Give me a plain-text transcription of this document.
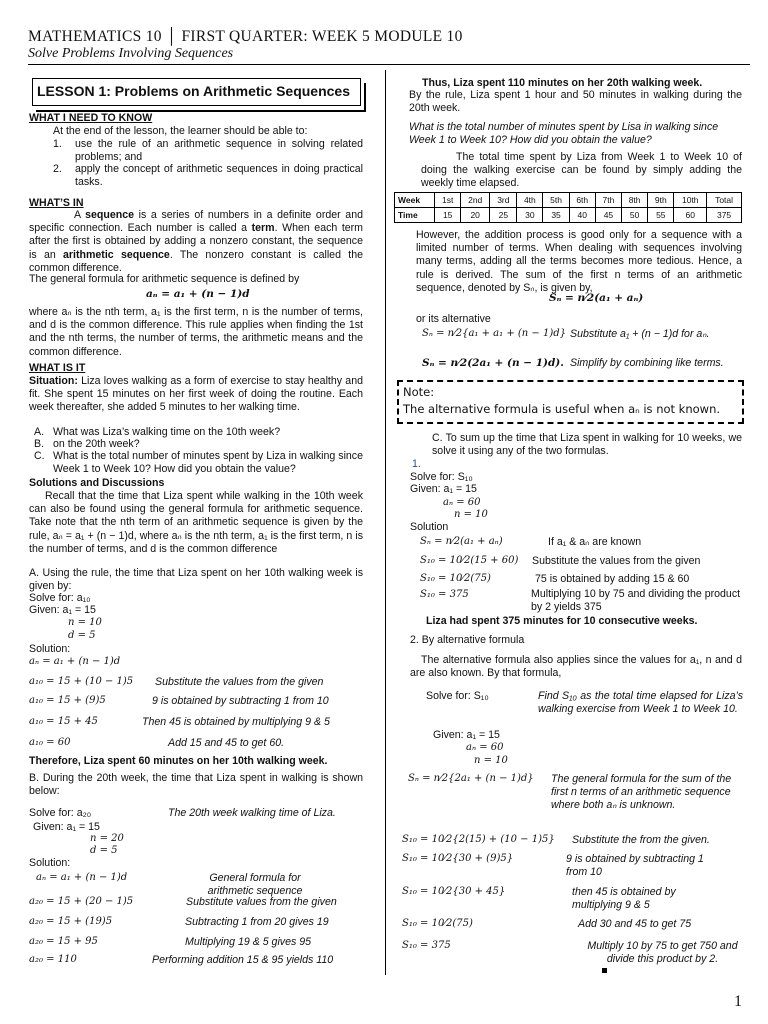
MATHEMATICS 10 │ FIRST QUARTER: WEEK 5 MODULE 10
Solve Problems Involving Sequences
LESSON 1: Problems on Arithmetic Sequences
WHAT I NEED TO KNOW
At the end of the lesson, the learner should be able to:
1. use the rule of an arithmetic sequence in solving related problems; and
2. apply the concept of arithmetic sequences in doing practical tasks.
WHAT’S IN
A sequence is a series of numbers in a definite order and specific connection. Each number is called a term. When each term after the first is obtained by adding a nonzero constant, the sequence is an arithmetic sequence. The nonzero constant is called the common difference.
The general formula for arithmetic sequence is defined by
aₙ = a₁ + (n − 1)d
where aₙ is the nth term, a₁ is the first term, n is the number of terms, and d is the common difference. This rule applies when finding the 1st and the nth terms, the number of terms, the arithmetic means and the common difference.
WHAT IS IT
Situation: Liza loves walking as a form of exercise to stay healthy and fit. She spent 15 minutes on her first week of doing the routine. Each week thereafter, she added 5 minutes to her walking time.
A. What was Liza’s walking time on the 10th week?
B. on the 20th week?
C. What is the total number of minutes spent by Liza in walking since Week 1 to Week 10? How did you obtain the value?
Solutions and Discussions
Recall that the time that Liza spent while walking in the 10th week can also be found using the general formula for arithmetic sequence. Take note that the nth term of an arithmetic sequence is given by the rule, aₙ = a₁ + (n − 1)d, where aₙ is the nth term, a₁ is the first term, n is the number of terms, and d is the common difference
A. Using the rule, the time that Liza spent on her 10th walking week is given by:
Solve for: a₁₀
Given: a₁ = 15
n = 10
d = 5
Solution:
aₙ = a₁ + (n − 1)d
a₁₀ = 15 + (10 − 1)5 Substitute the values from the given
a₁₀ = 15 + (9)5	9 is obtained by subtracting 1 from 10
a₁₀ = 15 + 45	Then 45 is obtained by multiplying 9 & 5
a₁₀ = 60	Add 15 and 45 to get 60.
Therefore, Liza spent 60 minutes on her 10th walking week.
B. During the 20th week, the time that Liza spent in walking is shown below:
Solve for: a₂₀	The 20th week walking time of Liza.
Given: a₁ = 15
n = 20
d = 5
Solution:
aₙ = a₁ + (n − 1)d	General formula for arithmetic sequence
a₂₀ = 15 + (20 − 1)5	Substitute values from the given
a₂₀ = 15 + (19)5	Subtracting 1 from 20 gives 19
a₂₀ = 15 + 95	Multiplying 19 & 5 gives 95
a₂₀ = 110	Performing addition 15 & 95 yields 110
Thus, Liza spent 110 minutes on her 20th walking week.
By the rule, Liza spent 1 hour and 50 minutes in walking during the 20th week.
What is the total number of minutes spent by Lisa in walking since Week 1 to Week 10? How did you obtain the value?
The total time spent by Liza from Week 1 to Week 10 of doing the walking exercise can be found by simply adding the weekly time elapsed.
Week	1st	2nd	3rd	4th	5th	6th	7th	8th	9th	10th	Total
Time	15	20	25	30	35	40	45	50	55	60	375
However, the addition process is good only for a sequence with a limited number of terms. When dealing with sequences involving many terms, adding all the terms becomes more tedious. Hence, a rule is derived. The sum of the first n terms of an arithmetic sequence, denoted by Sₙ, is given by,
Sₙ = n⁄2(a₁ + aₙ)
or its alternative
Sₙ = n⁄2{a₁ + a₁ + (n − 1)d} Substitute a₁ + (n − 1)d for aₙ.
Sₙ = n⁄2(2a₁ + (n − 1)d). Simplify by combining like terms.
Note:
The alternative formula is useful when aₙ is not known.
C. To sum up the time that Liza spent in walking for 10 weeks, we solve it using any of the two formulas.
1.
Solve for: S₁₀
Given: a₁ = 15
aₙ = 60
n = 10
Solution
Sₙ = n⁄2(a₁ + aₙ)	If a₁ & aₙ are known
S₁₀ = 10⁄2(15 + 60) Substitute the values from the given
S₁₀ = 10⁄2(75)	75 is obtained by adding 15 & 60
S₁₀ = 375	Multiplying 10 by 75 and dividing the product by 2 yields 375
Liza had spent 375 minutes for 10 consecutive weeks.
2. By alternative formula
The alternative formula also applies since the values for a₁, n and d are also known. By that formula,
Solve for: S₁₀	Find S₁₀ as the total time elapsed for Liza’s walking exercise from Week 1 to Week 10.
Given: a₁ = 15
aₙ = 60
n = 10
Sₙ = n⁄2{2a₁ + (n − 1)d} The general formula for the sum of the first n terms of an arithmetic sequence where both aₙ is unknown.
S₁₀ = 10⁄2{2(15) + (10 − 1)5} Substitute the from the given.
S₁₀ = 10⁄2{30 + (9)5}	9 is obtained by subtracting 1 from 10
S₁₀ = 10⁄2{30 + 45}	then 45 is obtained by multiplying 9 & 5
S₁₀ = 10⁄2(75)	Add 30 and 45 to get 75
S₁₀ = 375	Multiply 10 by 75 to get 750 and divide this product by 2.
1
